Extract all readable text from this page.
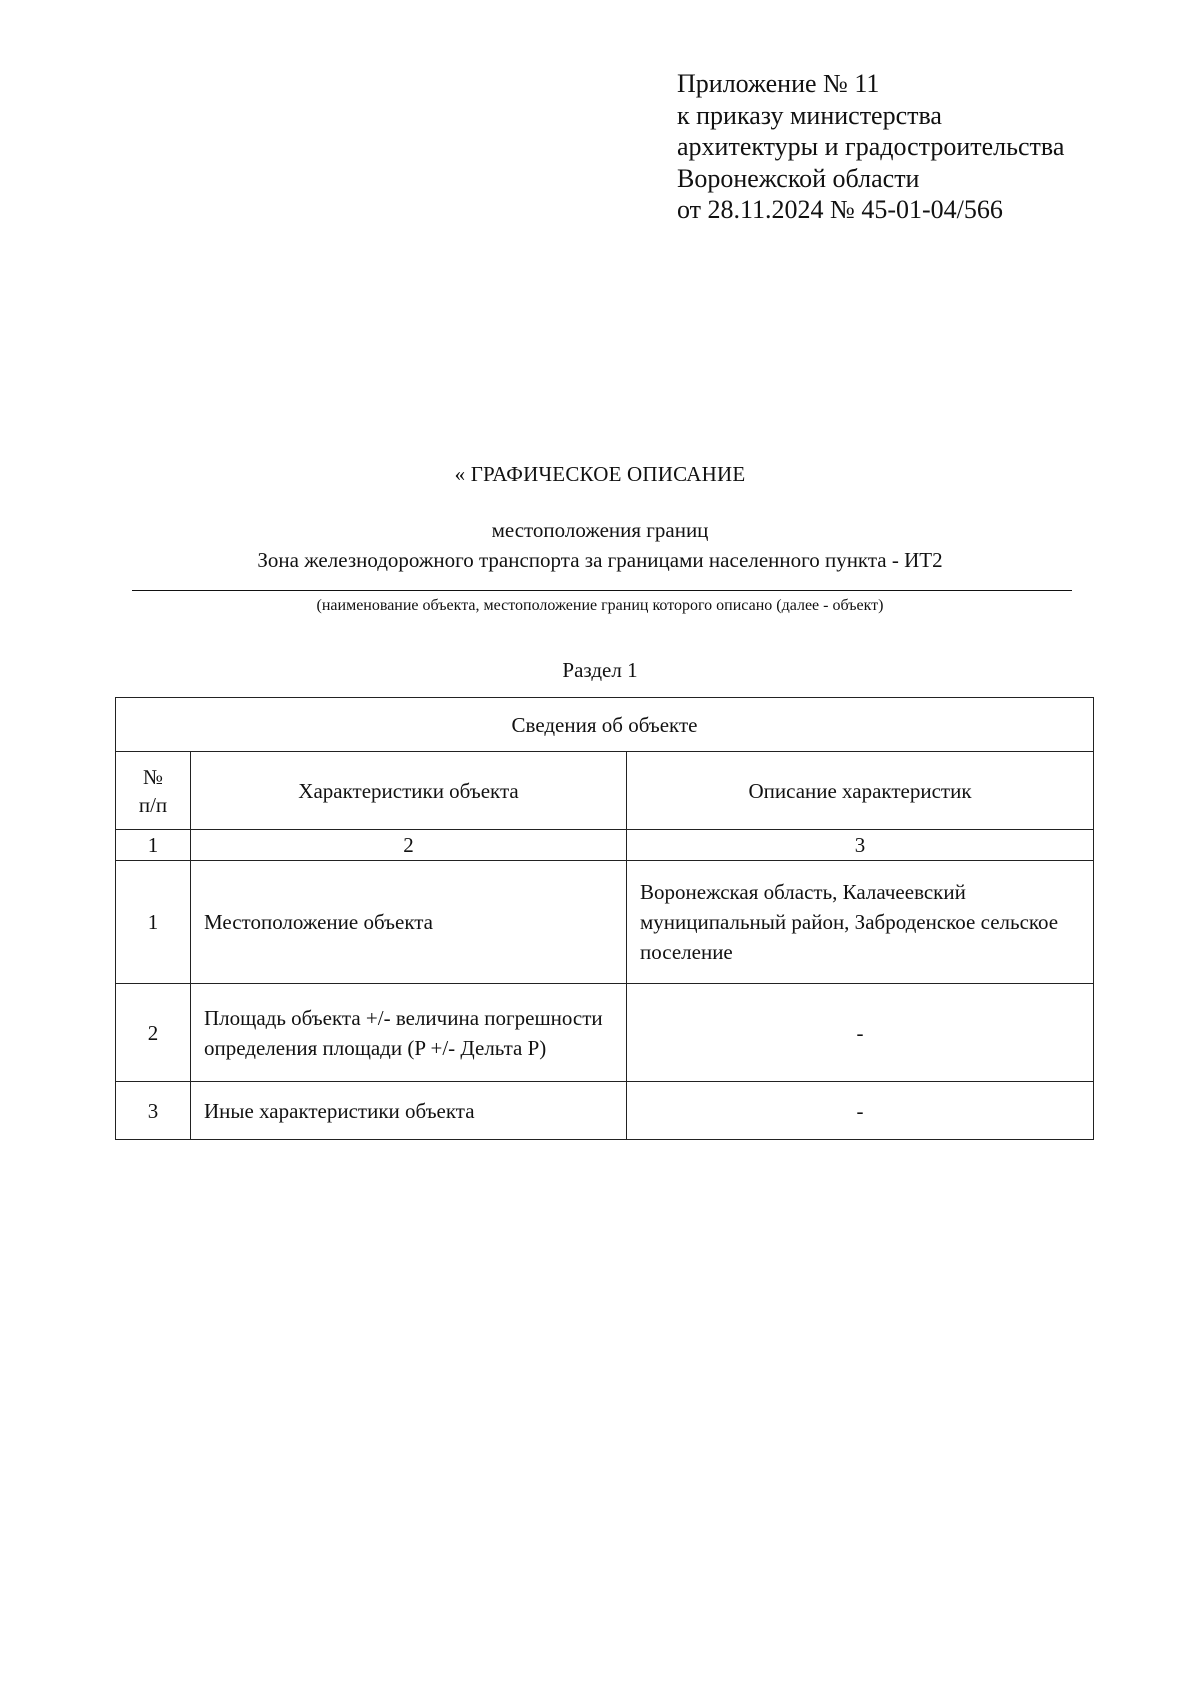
Приложение № 11
к приказу министерства
архитектуры и градостроительства
Воронежской области
от 28.11.2024 № 45-01-04/566
« ГРАФИЧЕСКОЕ ОПИСАНИЕ
местоположения границ
Зона железнодорожного транспорта за границами населенного пункта - ИТ2
(наименование объекта, местоположение границ которого описано (далее - объект)
Раздел 1
Сведения об объекте		
№ п/п	Характеристики объекта	Описание характеристик
1	2	3
1	Местоположение объекта	Воронежская область, Калачеевский муниципальный район, Заброденское сельское поселение
2	Площадь объекта +/- величина погрешности определения площади (P +/- Дельта P)	-
3	Иные характеристики объекта	-
